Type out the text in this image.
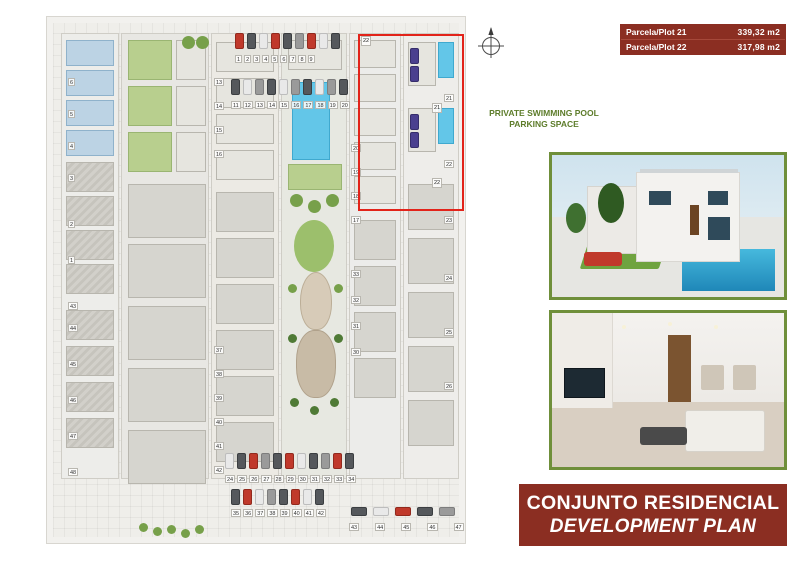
6
5
4
3
2
1
43
44
45
46
47
48
13
14
15
16
37
38
39
40
41
42
20
19
18
17
33
32
31
30
21
22
23
24
25
26
1	2	3	4	5	6	7	8	9
11	12	13	14	15	16	17	18	19	20
24	25	26	27	28	29	30	31	32	33	34
35	36	37	38	39	40	41	42
43	44	45	46	47
22
21
22
Parcela/Plot 21	339,32 m2
Parcela/Plot 22	317,98 m2
PRIVATE SWIMMING POOL
PARKING SPACE
CONJUNTO RESIDENCIAL
DEVELOPMENT PLAN
